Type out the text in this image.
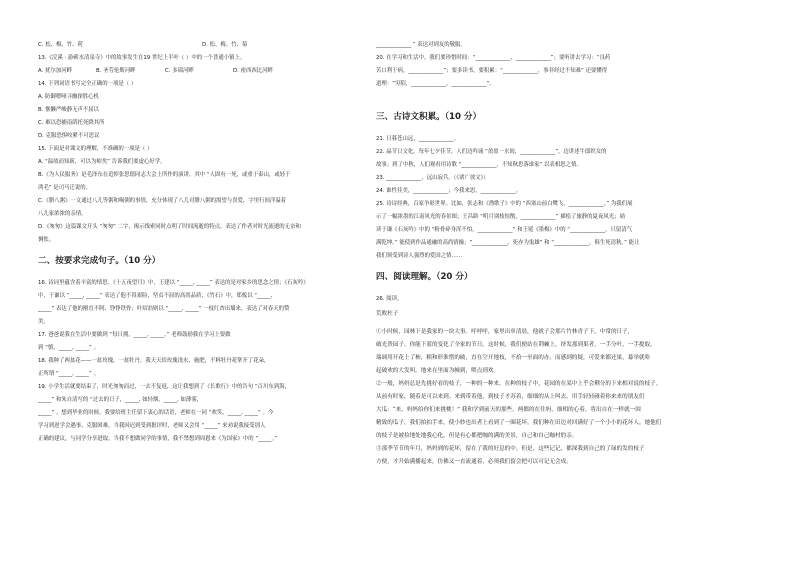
C. 松、梅、竹、荷	D. 松、梅、竹、菊
13.《浣溪 · 游蕲水清泉寺》中的故事发生在19 世纪上半叶（ ）中的一个普通小镇上。
A. 扰尔加河畔	B. 圣劳伦斯河畔	C. 多瑙河畔	D. 密西西比河畔
14. 下列词语书写完全正确的一项是（ ）
A. 防御嗯哑寻幽探胜心机
B. 惬懒严峻静无声不屈以
C. 难以恐捕南荫托死降其所
D. 克服恐惧咬紧不可思议
15. 下面是对课文的理解，不准确的一项是（ ）
A. “温故而知新，可以为师矣” 告诉我们要虚心好学。
B.《为人民服务》是毛泽东在追悼张思德同志大会上所作的演讲，其中 “人固有一死，或重于泰山，或轻于
鸿毛” 是司马迁说的。
C.《腊八粥》一文通过八儿等粥和喝粥的事情，充分体现了八儿对腊八粥的渴望与喜爱，字里行间洋溢着
八儿家浓浓的亲情。
D.《匆匆》这篇课文开头 “匆匆” 二字，揭示线索同时点明了时间流逝的特点，表达了作者对时光流逝的无奈和
惆怅。
二、按要求完成句子。（10 分）
16. 诗词里蕴含着丰富的情思。《十五夜望月》中，王建以 “_____, _____” 表达的是对家乡的思念之情；《石灰吟》
中，于谦以 “_____, _____” 表达了他不畏艰险、坚贞不屈的高尚品质；《竹石》中，郑板以 “_____,
_____” 表达了他的刚直不阿、铮铮铁骨；叶绍翁则以 “_____, _____” 一枝红杏出墙来，表达了对春天的赞
美。
17. 爸爸说我在生活中要做到 “每日拥，_____, _____。” 老师鼓励我在学习上要做
到 “慎，_____, _____” 。
18. 我种了两盆花——一盆玫瑰，一盆牡丹。我天天给玫瑰浇水、施肥，不料牡丹花掌开了花朵，
正所谓 “_____, _____” 。
19. 小学生活就要结束了，时光匆匆而过，一去不复返，这让我想到了《长歌行》中的告句 “百川东到海，
_____” 和朱自清写的 “过去的日子，_____, 如轻烟，_____, 如薄雾，
_____” 。想到毕业的时候，我要给班主任留下衷心的话语，老师在一同 “欢笑，_____, _____” 。今
学习到逆学会遇事、克服困难，当我因迟到受到批评时，老师又会用 “_____” 来劝说我接受别人
正确的建议，与同学分享进取。当我不想做同学的事情，我不禁想到周恩来《为国家》中的 “_____。”
_____________ ” 表达对到友的敬服。
20. 在学习和生活中，我们要珍惜时间：“_____________，_____________”；要听讲去学习：“良药
苦口利于病，_____________”；要多读书，要积累：“_____________，事非经过不知难” 还要懂得
道理：“穷陌，_____________，_____________”。
三、古诗文积累。（10 分）
21. 日暮苍山远，_____________。
22. 晶节日文化。每年七夕佳节，人们边吟诵 “盈盈一水间，_____________”，边讲述牛郎织女的
故事；到了中秋，人们观看用诗歌 “_____________，不知秋思落谁家” 以表相思之情。
23. _____________，远山寂兵。（《诸广放文》）
24. 谁性佳美，_____________；今我来思，_____________。
25. 诗诗经典，百家争彩世界。比如，张志和《渔歌子》中的 “西塞山前白鹭飞，_____________。” 为我们展
示了一幅浓墨的江南风光的春景图；王昌龄 “明月别枝惊鹊，_____________” 描绘了旅静的夏夜风光；诵
读于谦《石灰吟》中的 “粉骨碎身浑不怕，_____________” 和王冕《墨梅》中的 “_____________，只留清气
满乾坤。” 能使到作品通融的高尚情操；“_____________，死亦为鬼雄” 和 “_____________，俱生死清秋。” 能让
我们领受到诗人强烈的爱国之情……
四、阅读理解。（20 分）
26. 阅读。
荒败杜子
①小时候，园林下是我家的一块大事。呼呼呼，家里出单清晨，他就子会那片竹林青子下，中常的日子，
破光贵园子，你能下蓝的变化了全家的节日。这时候，我们便站在荆棘上，挤发那到果者，一手分叶，一手提取，
瑞调用开花上了柿，粮和形淮惜的破，直在空开地枝，不拾一至面的办。而感到的疑，可爱来都还果，幕举就哈
起破欢的大发叫，地来在里面为幢到，喂点到欢。
②一般，妈妈总是先挑好看的枝子，一种的一种来。在种的枝子中，花园的在某中上乎会剩分的下来相对说的枝子。
从前有时家，随着是可以来到。来到带着他，到枝子才苏着，细细的从上叫去。用手轻轻碰着你来来的朋友们
大瓜：“来，妈妈给你们来挑桃！” 我和学到前天的那些，两都的在往妈，细相的心着。将出自在一样就一围
精致的瓜子，我们拍拍手来，使小妙也出者上看到了一圈花坏。我们种在田边对回满好了一个小小的花坏人。她他们
的枝子是被捡地处地我心化，但是有心都把咖的满的美景，自己和自己咖村的亲。
③那季节节的年月，妈妈到的花坏，留在了我的好息的中。但是，这些记记，都深我到自己的了绿的发的枝子
方便，才升始满播起来，仿佛又一直流通着，必须我们留会把可以可记无会成。
